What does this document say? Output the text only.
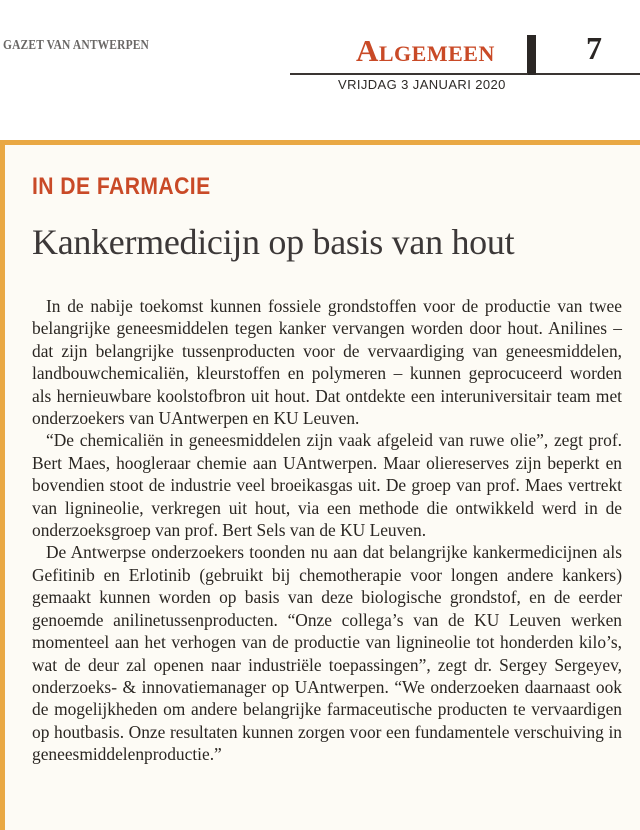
GAZET VAN ANTWERPEN	Algemeen	7
VRIJDAG 3 JANUARI 2020
IN DE FARMACIE
Kankermedicijn op basis van hout

In de nabije toekomst kunnen fossiele grondstoffen voor de productie van twee belangrijke geneesmiddelen tegen kanker vervangen worden door hout. Anilines – dat zijn belangrijke tussenproducten voor de vervaardiging van geneesmiddelen, landbouwchemicaliën, kleurstoffen en polymeren – kunnen geprocuceerd worden als hernieuwbare koolstofbron uit hout. Dat ontdekte een interuniversitair team met onderzoekers van UAntwerpen en KU Leuven.

“De chemicaliën in geneesmiddelen zijn vaak afgeleid van ruwe olie”, zegt prof. Bert Maes, hoogleraar chemie aan UAntwerpen. Maar oliereserves zijn beperkt en bovendien stoot de industrie veel broeikasgas uit. De groep van prof. Maes vertrekt van lignineolie, verkregen uit hout, via een methode die ontwikkeld werd in de onderzoeksgroep van prof. Bert Sels van de KU Leuven.

De Antwerpse onderzoekers toonden nu aan dat belangrijke kankermedicijnen als Gefitinib en Erlotinib (gebruikt bij chemotherapie voor longen andere kankers) gemaakt kunnen worden op basis van deze biologische grondstof, en de eerder genoemde anilinetussenproducten. “Onze collega’s van de KU Leuven werken momenteel aan het verhogen van de productie van lignineolie tot honderden kilo’s, wat de deur zal openen naar industriële toepassingen”, zegt dr. Sergey Sergeyev, onderzoeks- & innovatiemanager op UAntwerpen. “We onderzoeken daarnaast ook de mogelijkheden om andere belangrijke farmaceutische producten te vervaardigen op houtbasis. Onze resultaten kunnen zorgen voor een fundamentele verschuiving in geneesmiddelenproductie.”
